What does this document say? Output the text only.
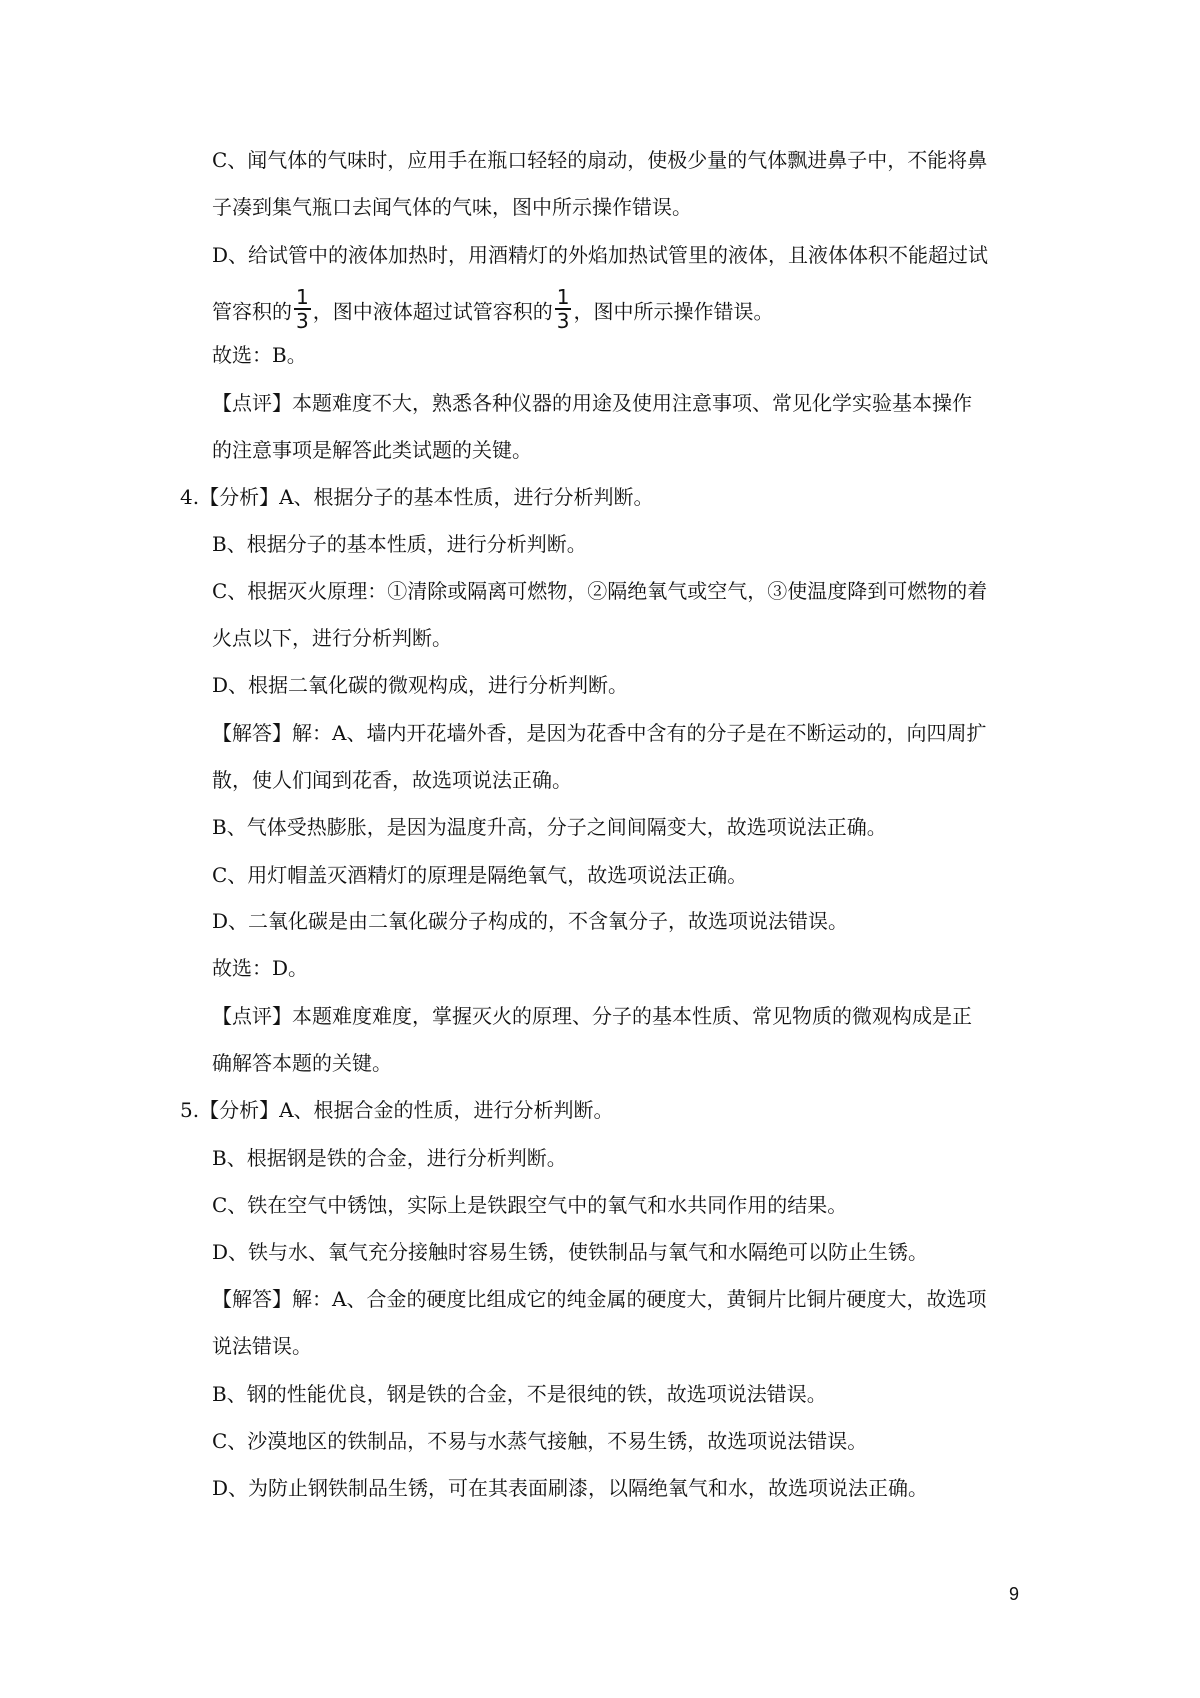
C、闻气体的气味时，应用手在瓶口轻轻的扇动，使极少量的气体飘进鼻子中，不能将鼻
子凑到集气瓶口去闻气体的气味，图中所示操作错误。
D、给试管中的液体加热时，用酒精灯的外焰加热试管里的液体，且液体体积不能超过试
管容积的 $\frac{1}{3}$ ，图中液体超过试管容积的 $\frac{1}{3}$ ，图中所示操作错误。
故选：B。
【点评】本题难度不大，熟悉各种仪器的用途及使用注意事项、常见化学实验基本操作
的注意事项是解答此类试题的关键。
4.【分析】A、根据分子的基本性质，进行分析判断。
B、根据分子的基本性质，进行分析判断。
C、根据灭火原理：①清除或隔离可燃物，②隔绝氧气或空气，③使温度降到可燃物的着
火点以下，进行分析判断。
D、根据二氧化碳的微观构成，进行分析判断。
【解答】解：A、墙内开花墙外香，是因为花香中含有的分子是在不断运动的，向四周扩
散，使人们闻到花香，故选项说法正确。
B、气体受热膨胀，是因为温度升高，分子之间间隔变大，故选项说法正确。
C、用灯帽盖灭酒精灯的原理是隔绝氧气，故选项说法正确。
D、二氧化碳是由二氧化碳分子构成的，不含氧分子，故选项说法错误。
故选：D。
【点评】本题难度难度，掌握灭火的原理、分子的基本性质、常见物质的微观构成是正
确解答本题的关键。
5.【分析】A、根据合金的性质，进行分析判断。
B、根据钢是铁的合金，进行分析判断。
C、铁在空气中锈蚀，实际上是铁跟空气中的氧气和水共同作用的结果。
D、铁与水、氧气充分接触时容易生锈，使铁制品与氧气和水隔绝可以防止生锈。
【解答】解：A、合金的硬度比组成它的纯金属的硬度大，黄铜片比铜片硬度大，故选项
说法错误。
B、钢的性能优良，钢是铁的合金，不是很纯的铁，故选项说法错误。
C、沙漠地区的铁制品，不易与水蒸气接触，不易生锈，故选项说法错误。
D、为防止钢铁制品生锈，可在其表面刷漆，以隔绝氧气和水，故选项说法正确。
9
